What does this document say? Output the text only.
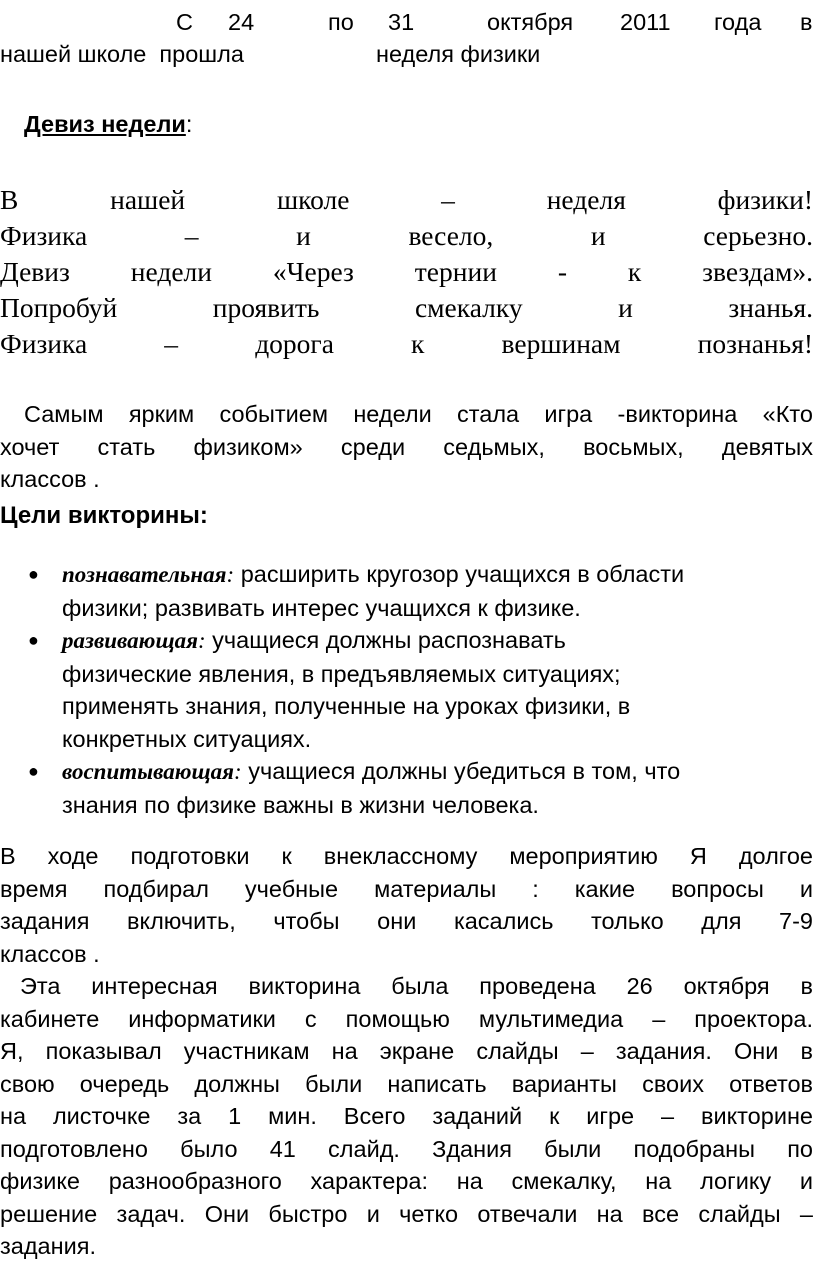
С

24

	по

31

	октября

2011

года

в

нашей школе  прошла

	неделя физики

Девиз недели:
В нашей школе – неделя физики!
Физика – и весело, и серьезно.
Девиз недели «Через тернии - к звездам».
Попробуй проявить смекалку и знанья.
Физика – дорога к вершинам познанья!
Самым ярким событием недели стала игра -викторина «Кто
хочет стать физиком» среди седьмых, восьмых, девятых
классов .
Цели викторины:
● познавательная: расширить кругозор учащихся в области
физики; развивать интерес учащихся к физике.
● развивающая: учащиеся должны распознавать
физические явления, в предъявляемых ситуациях;
применять знания, полученные на уроках физики, в
конкретных ситуациях.
● воспитывающая: учащиеся должны убедиться в том, что
знания по физике важны в жизни человека.
В ходе подготовки к внеклассному мероприятию Я долгое
время подбирал учебные материалы : какие вопросы и
задания включить, чтобы они касались только для 7-9
классов .
Эта интересная викторина была проведена 26 октября в
кабинете информатики с помощью мультимедиа – проектора.
Я, показывал участникам на экране слайды – задания. Они в
свою очередь должны были написать варианты своих ответов
на листочке за 1 мин. Всего заданий к игре – викторине
подготовлено было 41 слайд. Здания были подобраны по
физике разнообразного характера: на смекалку, на логику и
решение задач. Они быстро и четко отвечали на все слайды –
задания.
